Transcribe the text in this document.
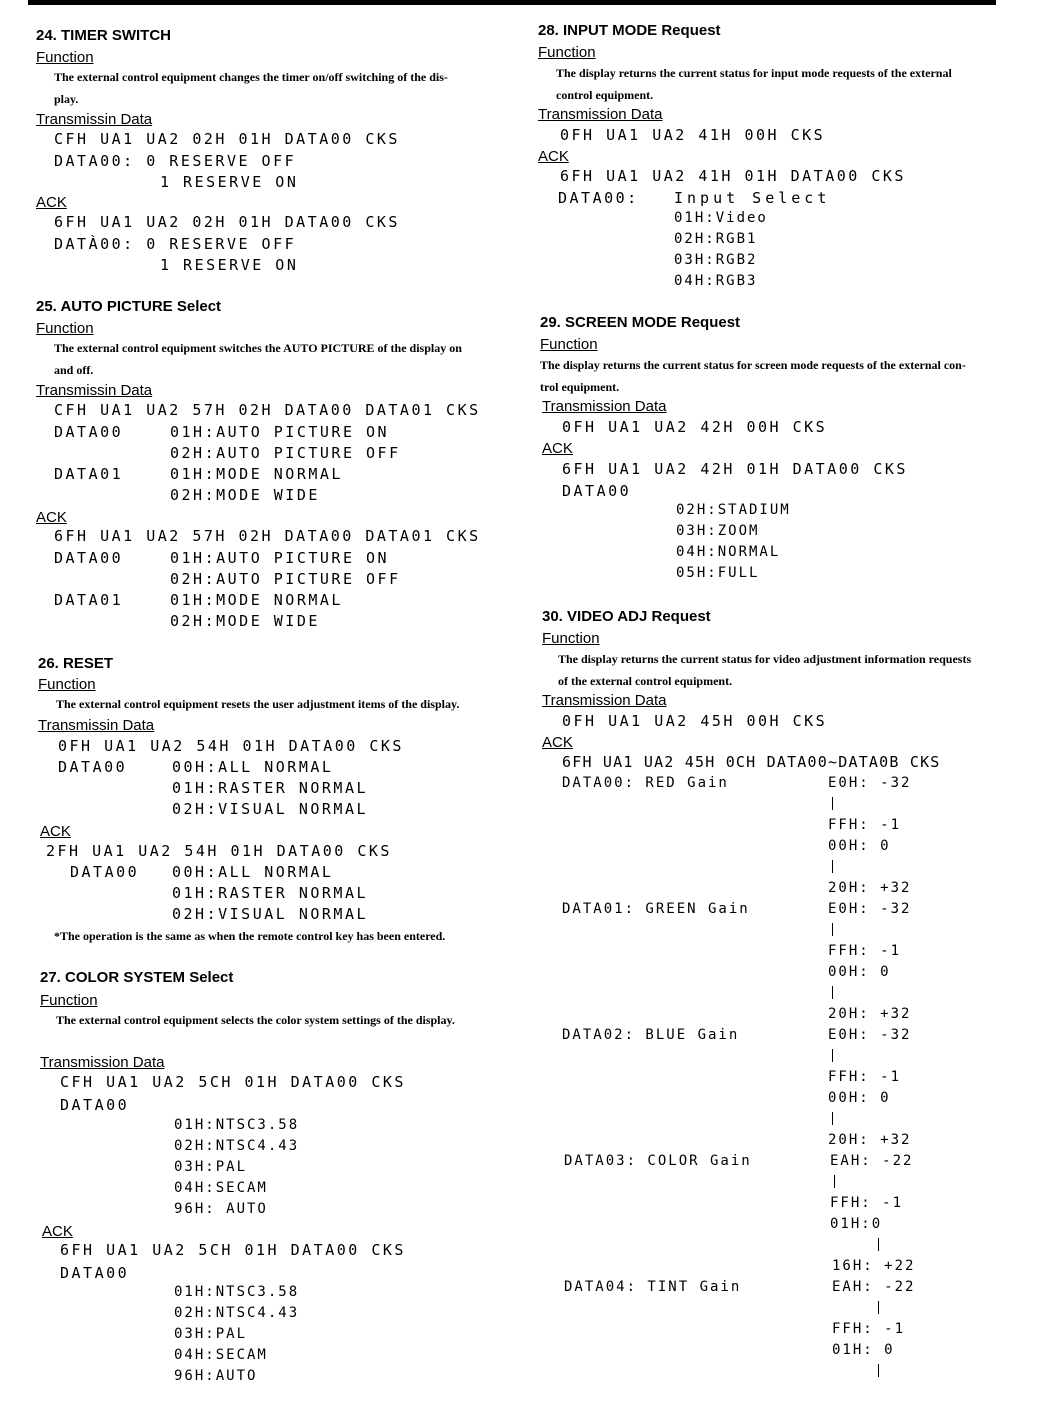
24. TIMER SWITCH
Function
The external control equipment changes the timer on/off switching of the dis-
play.
Transmissin Data
CFH UA1 UA2 02H 01H DATA00 CKS
DATA00: 0 RESERVE OFF
1 RESERVE ON
ACK
6FH UA1 UA2 02H 01H DATA00 CKS
DATÀ00: 0 RESERVE OFF
1 RESERVE ON
25. AUTO PICTURE Select
Function
The external control equipment switches the AUTO PICTURE of the display on
and off.
Transmissin Data
CFH UA1 UA2 57H 02H DATA00 DATA01 CKS
DATA00	01H:AUTO PICTURE ON
02H:AUTO PICTURE OFF
DATA01	01H:MODE NORMAL
02H:MODE WIDE
ACK
6FH UA1 UA2 57H 02H DATA00 DATA01 CKS
DATA00	01H:AUTO PICTURE ON
02H:AUTO PICTURE OFF
DATA01	01H:MODE NORMAL
02H:MODE WIDE
26. RESET
Function
The external control equipment resets the user adjustment items of the display.
Transmissin Data
0FH UA1 UA2 54H 01H DATA00 CKS
DATA00	00H:ALL NORMAL
01H:RASTER NORMAL
02H:VISUAL NORMAL
ACK
2FH UA1 UA2 54H 01H DATA00 CKS
DATA00 00H:ALL NORMAL
01H:RASTER NORMAL
02H:VISUAL NORMAL
*The operation is the same as when the remote control key has been entered.
27. COLOR SYSTEM Select
Function
The external control equipment selects the color system settings of the display.
Transmission Data
CFH UA1 UA2 5CH 01H DATA00 CKS
DATA00
01H:NTSC3.58
02H:NTSC4.43
03H:PAL
04H:SECAM
96H: AUTO
ACK
6FH UA1 UA2 5CH 01H DATA00 CKS
DATA00
01H:NTSC3.58
02H:NTSC4.43
03H:PAL
04H:SECAM
96H:AUTO
28. INPUT MODE Request
Function
The display returns the current status for input mode requests of the external
control equipment.
Transmission Data
0FH UA1 UA2 41H 00H CKS
ACK
6FH UA1 UA2 41H 01H DATA00 CKS
DATA00: Input Select
01H:Video
02H:RGB1
03H:RGB2
04H:RGB3
29. SCREEN MODE Request
Function
The display returns the current status for screen mode requests of the external con-
trol equipment.
Transmission Data
0FH UA1 UA2 42H 00H CKS
ACK
6FH UA1 UA2 42H 01H DATA00 CKS
DATA00
02H:STADIUM
03H:ZOOM
04H:NORMAL
05H:FULL
30. VIDEO ADJ Request
Function
The display returns the current status for video adjustment information requests
of the external control equipment.
Transmission Data
0FH UA1 UA2 45H 00H CKS
ACK
6FH UA1 UA2 45H 0CH DATA00~DATA0B CKS
DATA00: RED Gain	E0H: -32
FFH: -1
00H: 0
20H: +32
DATA01: GREEN Gain	E0H: -32
FFH: -1
00H: 0
20H: +32
DATA02: BLUE Gain	E0H: -32
FFH: -1
00H: 0
20H: +32
DATA03: COLOR Gain	EAH: -22
FFH: -1
01H:0
16H: +22
DATA04: TINT Gain	EAH: -22
FFH: -1
01H: 0
